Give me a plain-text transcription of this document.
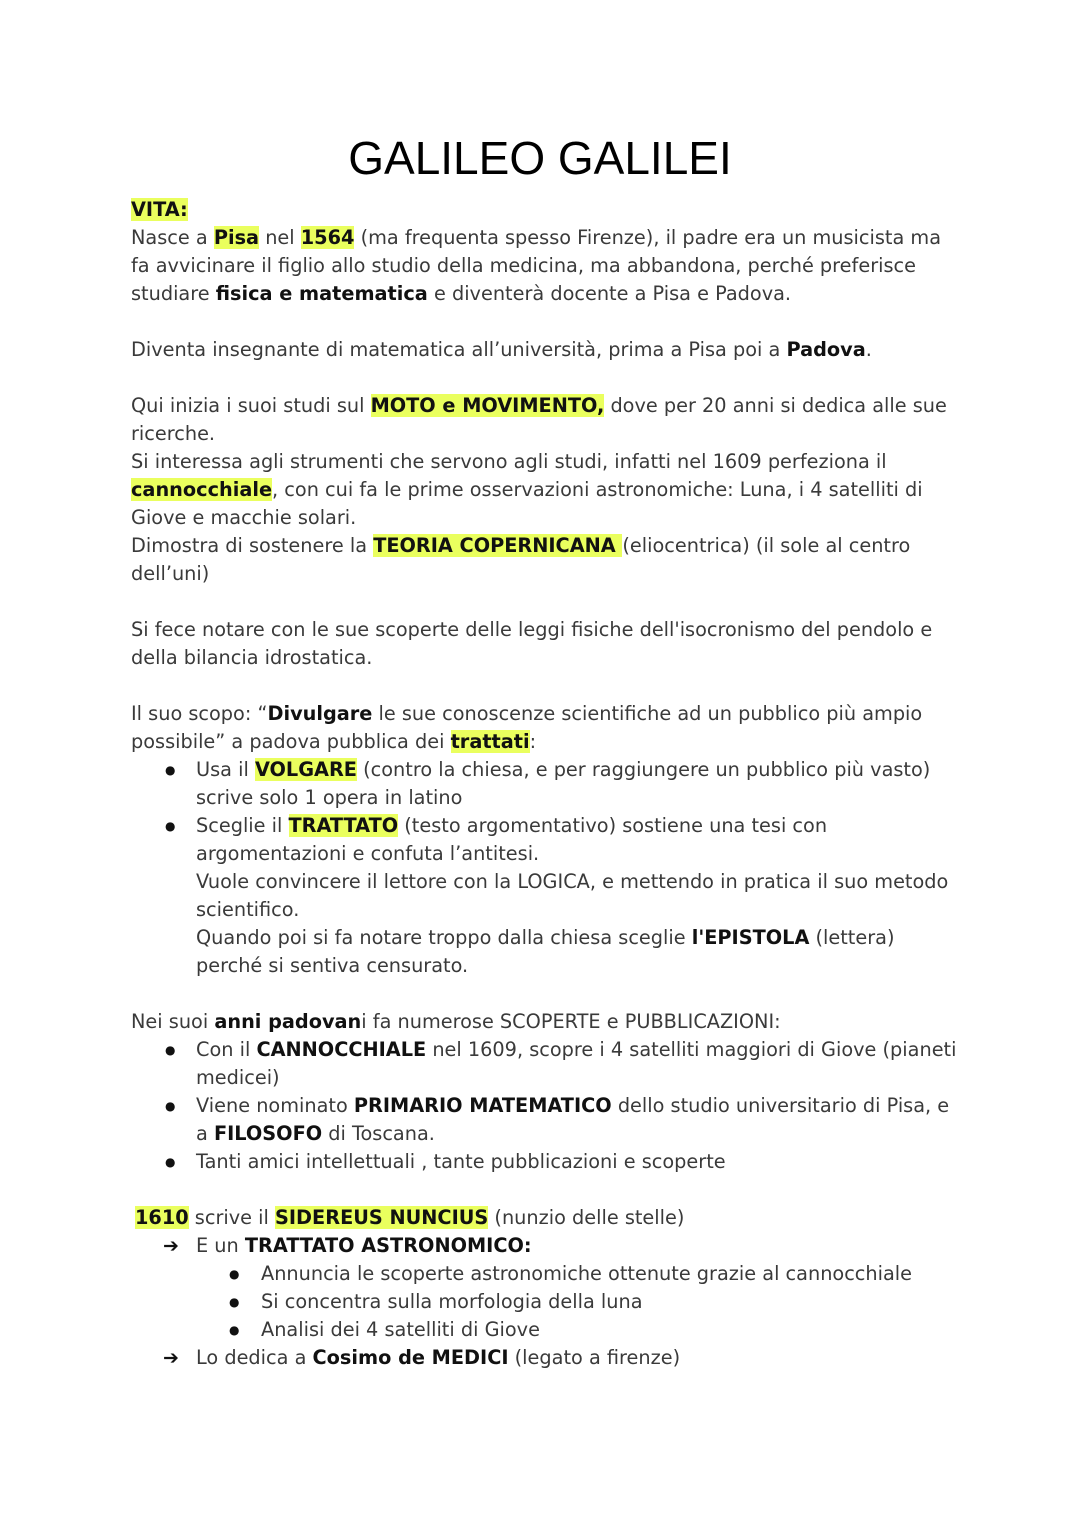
GALILEO GALILEI

VITA:

Nasce a Pisa nel 1564 (ma frequenta spesso Firenze), il padre era un musicista ma fa avvicinare il figlio allo studio della medicina, ma abbandona, perché preferisce studiare fisica e matematica e diventerà docente a Pisa e Padova.

Diventa insegnante di matematica all’università, prima a Pisa poi a Padova.

Qui inizia i suoi studi sul MOTO e MOVIMENTO, dove per 20 anni si dedica alle sue ricerche.
Si interessa agli strumenti che servono agli studi, infatti nel 1609 perfeziona il cannocchiale, con cui fa le prime osservazioni astronomiche: Luna, i 4 satelliti di Giove e macchie solari.
Dimostra di sostenere la TEORIA COPERNICANA (eliocentrica) (il sole al centro dell’uni)

Si fece notare con le sue scoperte delle leggi fisiche dell'isocronismo del pendolo e della bilancia idrostatica.

Il suo scopo: “Divulgare le sue conoscenze scientifiche ad un pubblico più ampio possibile” a padova pubblica dei trattati:

● Usa il VOLGARE (contro la chiesa, e per raggiungere un pubblico più vasto) scrive solo 1 opera in latino
● Sceglie il TRATTATO (testo argomentativo) sostiene una tesi con argomentazioni e confuta l’antitesi.
Vuole convincere il lettore con la LOGICA, e mettendo in pratica il suo metodo scientifico.
Quando poi si fa notare troppo dalla chiesa sceglie l'EPISTOLA (lettera) perché si sentiva censurato.

Nei suoi anni padovani fa numerose SCOPERTE e PUBBLICAZIONI:

● Con il CANNOCCHIALE nel 1609, scopre i 4 satelliti maggiori di Giove (pianeti medicei)
● Viene nominato PRIMARIO MATEMATICO dello studio universitario di Pisa, e a FILOSOFO di Toscana.
● Tanti amici intellettuali , tante pubblicazioni e scoperte

1610 scrive il SIDEREUS NUNCIUS (nunzio delle stelle)

➔ E un TRATTATO ASTRONOMICO:
● Annuncia le scoperte astronomiche ottenute grazie al cannocchiale
● Si concentra sulla morfologia della luna
● Analisi dei 4 satelliti di Giove
➔ Lo dedica a Cosimo de MEDICI (legato a firenze)
